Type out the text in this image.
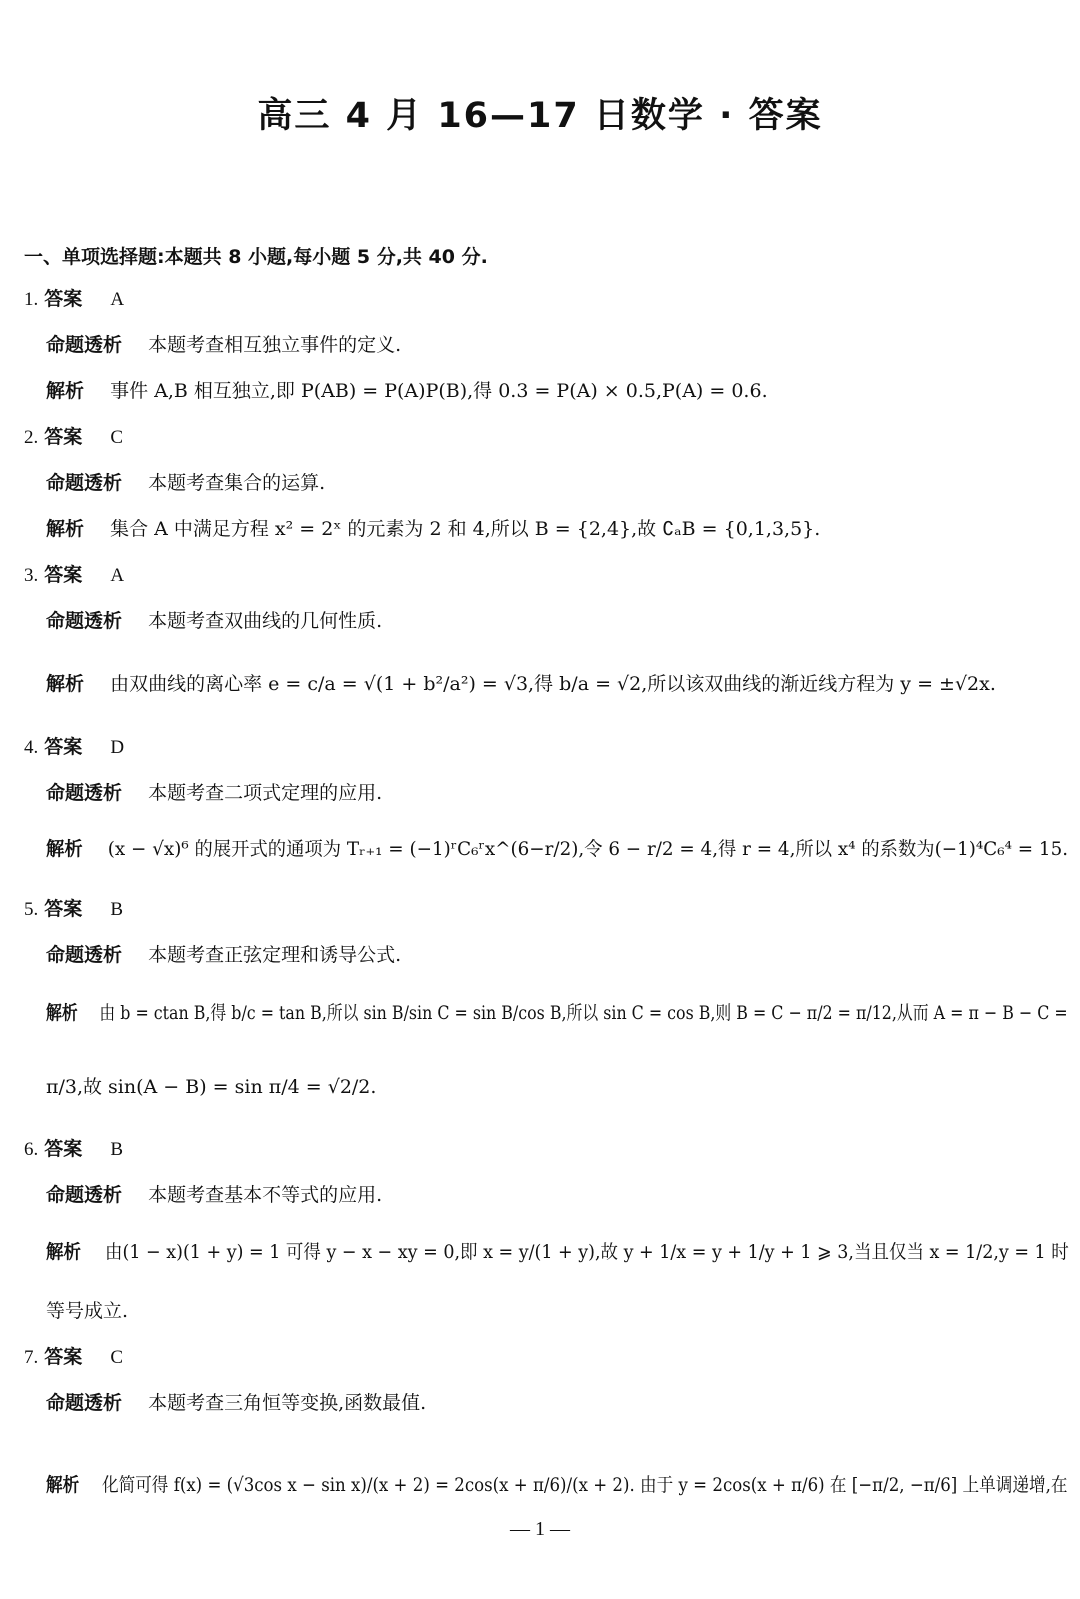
高三 4 月 16—17 日数学 · 答案
一、单项选择题:本题共 8 小题,每小题 5 分,共 40 分.
1. 答案 A
命题透析 本题考查相互独立事件的定义.
解析 事件 A,B 相互独立,即 P(AB) = P(A)P(B),得 0.3 = P(A) × 0.5,P(A) = 0.6.
2. 答案 C
命题透析 本题考查集合的运算.
解析 集合 A 中满足方程 x² = 2ˣ 的元素为 2 和 4,所以 B = {2,4},故 ∁ₐB = {0,1,3,5}.
3. 答案 A
命题透析 本题考查双曲线的几何性质.
解析 由双曲线的离心率 e = c/a = √(1 + b²/a²) = √3,得 b/a = √2,所以该双曲线的渐近线方程为 y = ±√2x.
4. 答案 D
命题透析 本题考查二项式定理的应用.
解析 (x − √x)⁶ 的展开式的通项为 Tᵣ₊₁ = (−1)ʳC₆ʳx^(6−r/2),令 6 − r/2 = 4,得 r = 4,所以 x⁴ 的系数为(−1)⁴C₆⁴ = 15.
5. 答案 B
命题透析 本题考查正弦定理和诱导公式.
解析 由 b = ctan B,得 b/c = tan B,所以 sin B/sin C = sin B/cos B,所以 sin C = cos B,则 B = C − π/2 = π/12,从而 A = π − B − C =
π/3,故 sin(A − B) = sin π/4 = √2/2.
6. 答案 B
命题透析 本题考查基本不等式的应用.
解析 由(1 − x)(1 + y) = 1 可得 y − x − xy = 0,即 x = y/(1 + y),故 y + 1/x = y + 1/y + 1 ⩾ 3,当且仅当 x = 1/2,y = 1 时
等号成立.
7. 答案 C
命题透析 本题考查三角恒等变换,函数最值.
解析 化简可得 f(x) = (√3cos x − sin x)/(x + 2) = 2cos(x + π/6)/(x + 2). 由于 y = 2cos(x + π/6) 在 [−π/2, −π/6] 上单调递增,在
— 1 —
